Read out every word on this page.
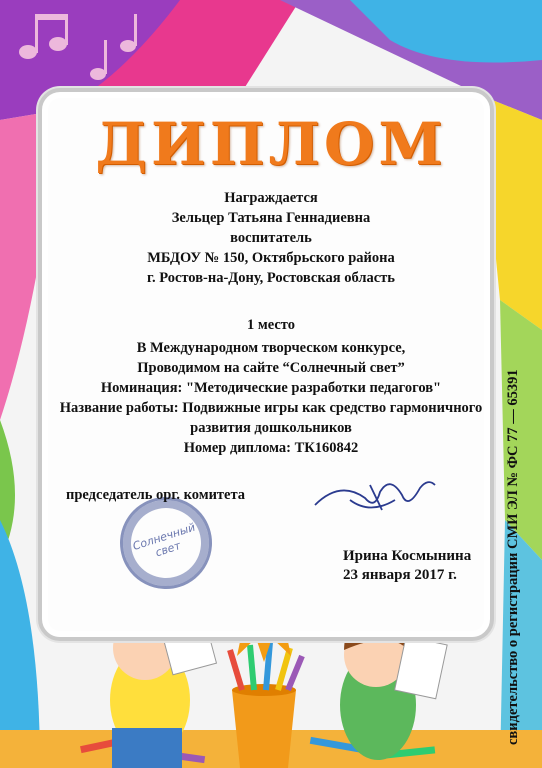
Солнечный свет
ДИПЛОМ
Награждается
Зельцер Татьяна Геннадиевна
воспитатель
МБДОУ № 150, Октябрьского района
г. Ростов-на-Дону, Ростовская область
1 место
В Международном творческом конкурсе,
Проводимом на сайте “Солнечный свет”
Номинация: "Методические разработки педагогов"
Название работы: Подвижные игры как средство гармоничного
развития дошкольников
Номер диплома: ТК160842
председатель орг. комитета
Ирина Космынина
23 января 2017 г.	свидетельство о регистрации СМИ ЭЛ № ФС 77 — 65391
